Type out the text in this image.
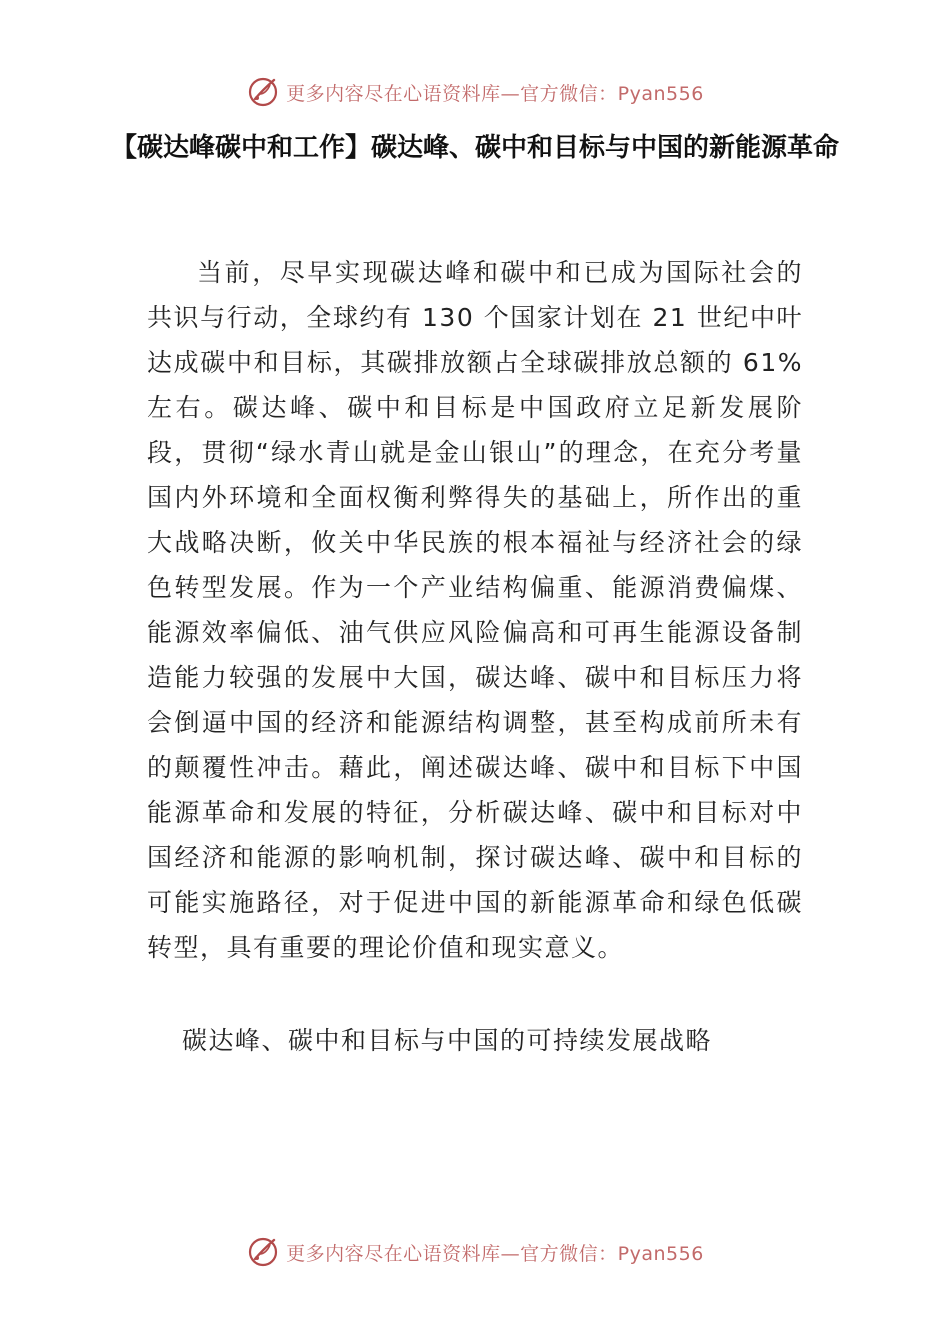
更多内容尽在心语资料库—官方微信：Pyan556
【碳达峰碳中和工作】碳达峰、碳中和目标与中国的新能源革命
当前，尽早实现碳达峰和碳中和已成为国际社会的共识与行动，全球约有 130 个国家计划在 21 世纪中叶达成碳中和目标，其碳排放额占全球碳排放总额的 61%左右。碳达峰、碳中和目标是中国政府立足新发展阶段，贯彻“绿水青山就是金山银山”的理念，在充分考量国内外环境和全面权衡利弊得失的基础上，所作出的重大战略决断，攸关中华民族的根本福祉与经济社会的绿色转型发展。作为一个产业结构偏重、能源消费偏煤、能源效率偏低、油气供应风险偏高和可再生能源设备制造能力较强的发展中大国，碳达峰、碳中和目标压力将会倒逼中国的经济和能源结构调整，甚至构成前所未有的颠覆性冲击。藉此，阐述碳达峰、碳中和目标下中国能源革命和发展的特征，分析碳达峰、碳中和目标对中国经济和能源的影响机制，探讨碳达峰、碳中和目标的可能实施路径，对于促进中国的新能源革命和绿色低碳转型，具有重要的理论价值和现实意义。
碳达峰、碳中和目标与中国的可持续发展战略
更多内容尽在心语资料库—官方微信：Pyan556
